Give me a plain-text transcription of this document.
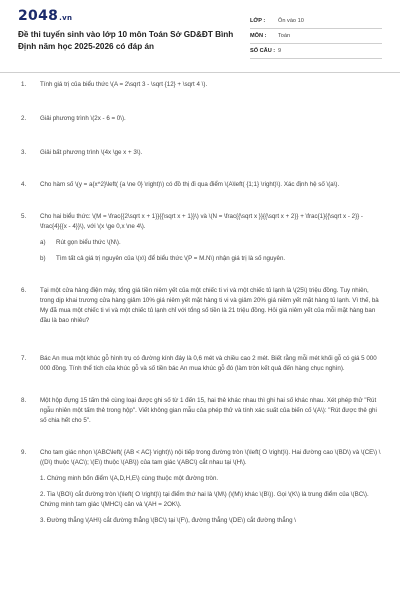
2048.vn
Đề thi tuyển sinh vào lớp 10 môn Toán Sở GD&ĐT Bình Định năm học 2025-2026 có đáp án
LỚP :	Ôn vào 10
MÔN :	Toán
SỐ CÂU : 9
1. Tính giá trị của biểu thức \(A = 2\sqrt 3 - \sqrt {12} + \sqrt 4 \).
2. Giải phương trình \(2x - 6 = 0\).
3. Giải bất phương trình \(4x \ge x + 3\).
4. Cho hàm số \(y = a{x^2}\left( {a \ne 0} \right)\) có đồ thị đi qua điểm \(A\left( {1;1} \right)\). Xác định hệ số \(a\).
5. Cho hai biểu thức: \(M = \frac{{2\sqrt x + 1}}{{\sqrt x + 1}}\) và \(N = \frac{{\sqrt x }}{{\sqrt x + 2}} + \frac{1}{{\sqrt x - 2}} - \frac{4}{{x - 4}}\), với \(x \ge 0,x \ne 4\).
a) Rút gọn biểu thức \(N\).
b) Tìm tất cả giá trị nguyên của \(x\) để biểu thức \(P = M.N\) nhận giá trị là số nguyên.
6. Tại một cửa hàng điện máy, tổng giá tiền niêm yết của một chiếc ti vi và một chiếc tủ lạnh là \(25\) triệu đồng. Tuy nhiên, trong dịp khai trương cửa hàng giảm 10% giá niêm yết mặt hàng ti vi và giảm 20% giá niêm yết mặt hàng tủ lạnh. Vì thế, bà My đã mua một chiếc ti vi và một chiếc tủ lạnh chỉ với tổng số tiền là 21 triệu đồng. Hỏi giá niêm yết của mỗi mặt hàng ban đầu là bao nhiêu?
7. Bác An mua một khúc gỗ hình trụ có đường kính đáy là 0,6 mét và chiều cao 2 mét. Biết rằng mỗi mét khối gỗ có giá 5 000 000 đồng. Tính thể tích của khúc gỗ và số tiền bác An mua khúc gỗ đó (làm tròn kết quả đến hàng chục nghìn).
8. Một hộp đựng 15 tấm thẻ cùng loại được ghi số từ 1 đến 15, hai thẻ khác nhau thì ghi hai số khác nhau. Xét phép thử "Rút ngẫu nhiên một tấm thẻ trong hộp". Viết không gian mẫu của phép thử và tính xác suất của biến cố \(A\): "Rút được thẻ ghi số chia hết cho 5".
9. Cho tam giác nhọn \(ABC\left( {AB < AC} \right)\) nội tiếp trong đường tròn \(\left( O \right)\). Hai đường cao \(BD\) và \(CE\) \((D\) thuộc \(AC\); \(E\) thuộc \(AB\)) của tam giác \(ABC\) cắt nhau tại \(H\).
1. Chứng minh bốn điểm \(A,D,H,E\) cùng thuộc một đường tròn.
2. Tia \(BO\) cắt đường tròn \(\left( O \right)\) tại điểm thứ hai là \(M\) (\(M\) khác \(B\)). Gọi \(K\) là trung điểm của \(BC\). Chứng minh tam giác \(MHC\) cân và \(AH = 2OK\).
3. Đường thẳng \(AH\) cắt đường thẳng \(BC\) tại \(F\), đường thẳng \(DE\) cắt đường thẳng \
